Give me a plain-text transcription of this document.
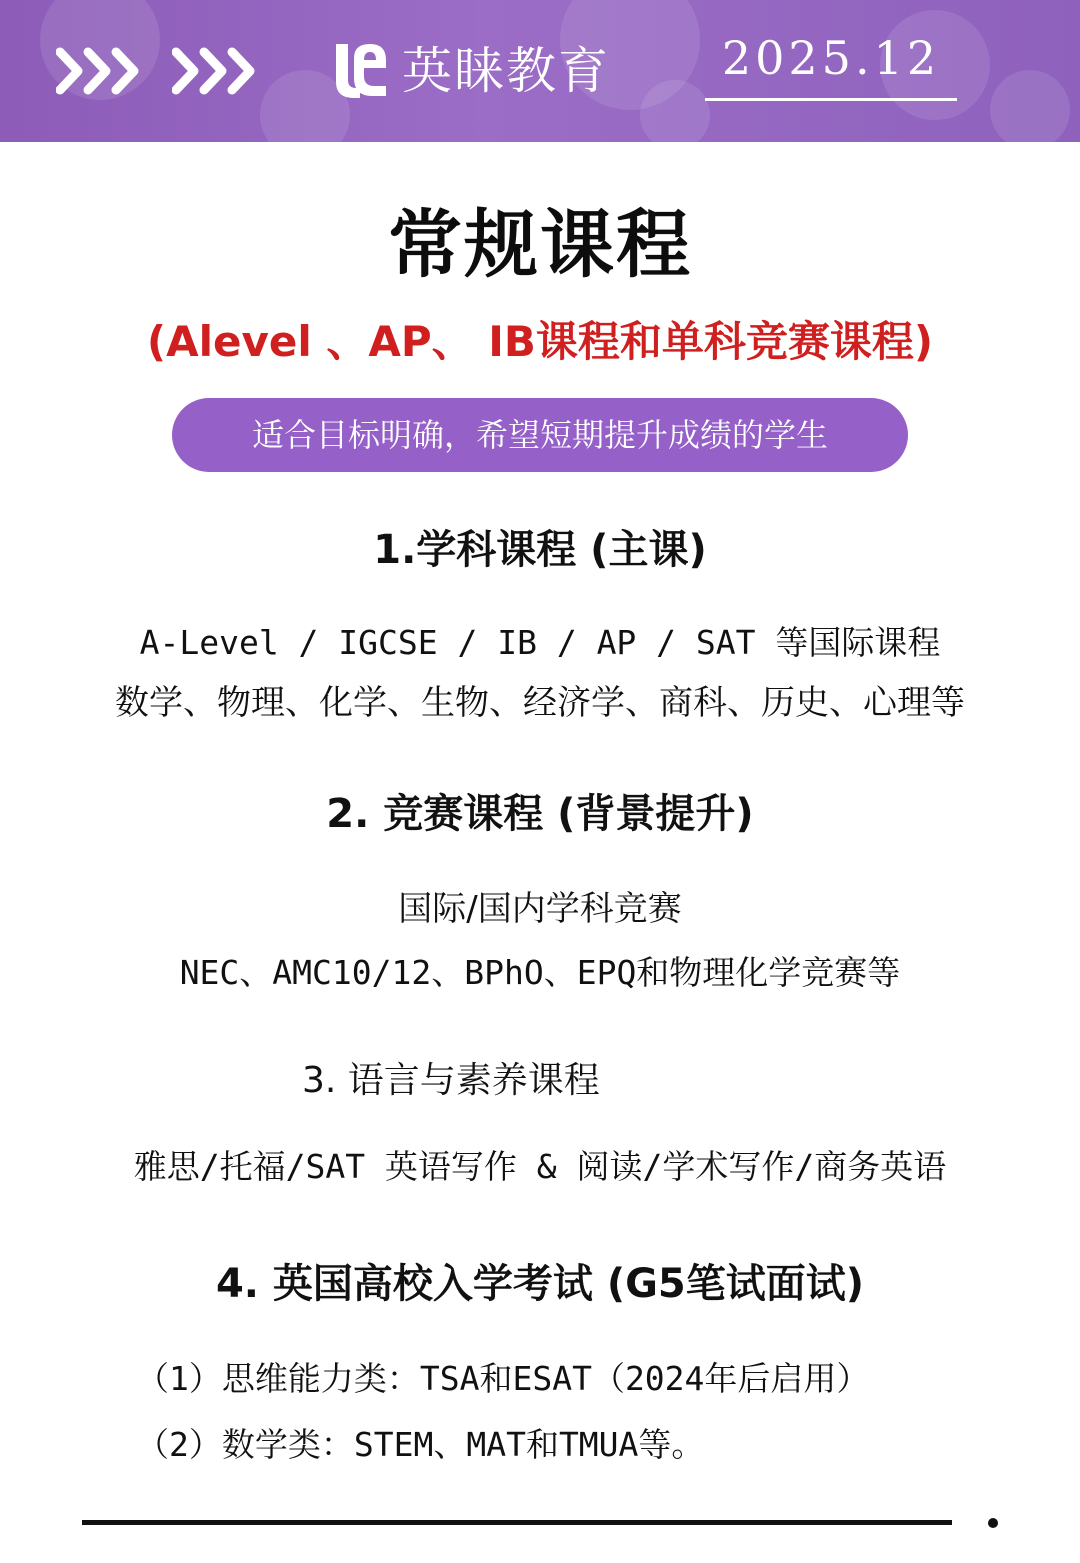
英睐教育	2025.12
常规课程
(Alevel 、AP、 IB课程和单科竞赛课程)
适合目标明确，希望短期提升成绩的学生
1.学科课程 (主课)
A-Level / IGCSE / IB / AP / SAT 等国际课程
数学、物理、化学、生物、经济学、商科、历史、心理等
2. 竞赛课程 (背景提升)
国际/国内学科竞赛
NEC、AMC10/12、BPhO、EPQ和物理化学竞赛等
3. 语言与素养课程
雅思/托福/SAT 英语写作 & 阅读/学术写作/商务英语
4. 英国高校入学考试 (G5笔试面试)
（1）思维能力类：TSA和ESAT（2024年后启用）
（2）数学类：STEM、MAT和TMUA等。
